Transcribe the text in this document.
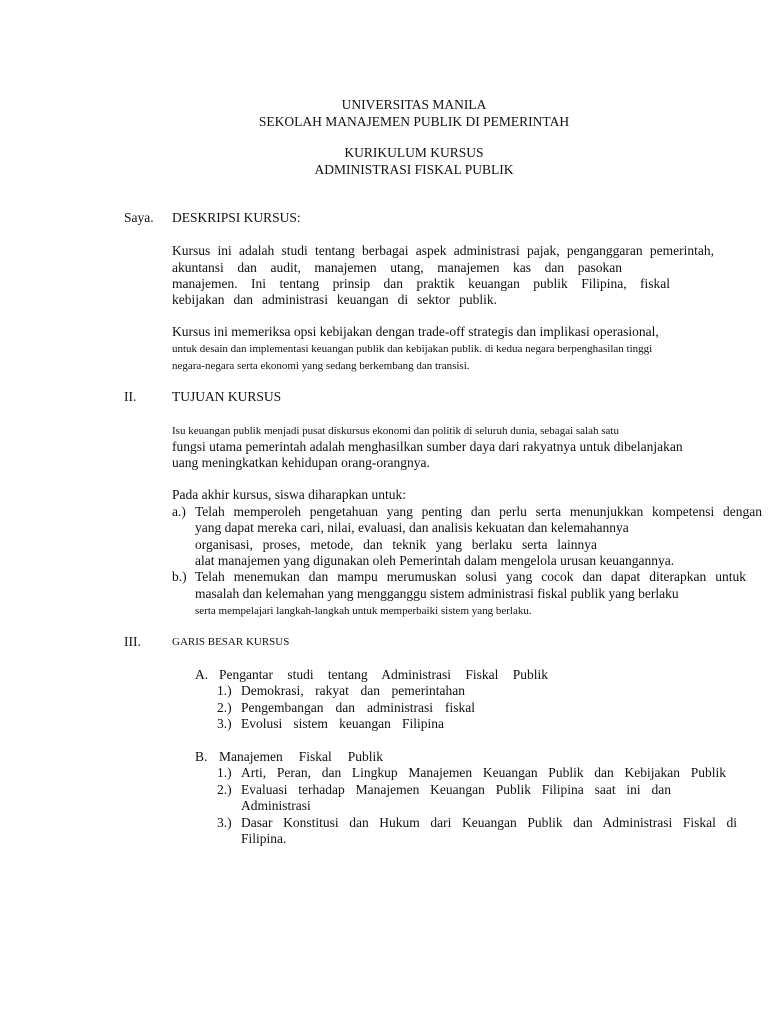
UNIVERSITAS MANILA
SEKOLAH MANAJEMEN PUBLIK DI PEMERINTAH
KURIKULUM KURSUS
ADMINISTRASI FISKAL PUBLIK
Saya. DESKRIPSI KURSUS:
Kursus ini adalah studi tentang berbagai aspek administrasi pajak, penganggaran pemerintah,
akuntansi dan audit, manajemen utang, manajemen kas dan pasokan
manajemen. Ini tentang prinsip dan praktik keuangan publik Filipina, fiskal
kebijakan dan administrasi keuangan di sektor publik.
Kursus ini memeriksa opsi kebijakan dengan trade-off strategis dan implikasi operasional,
untuk desain dan implementasi keuangan publik dan kebijakan publik. di kedua negara berpenghasilan tinggi
negara-negara serta ekonomi yang sedang berkembang dan transisi.
II.	TUJUAN KURSUS
Isu keuangan publik menjadi pusat diskursus ekonomi dan politik di seluruh dunia, sebagai salah satu
fungsi utama pemerintah adalah menghasilkan sumber daya dari rakyatnya untuk dibelanjakan
uang meningkatkan kehidupan orang-orangnya.
Pada akhir kursus, siswa diharapkan untuk:
a.) Telah memperoleh pengetahuan yang penting dan perlu serta menunjukkan kompetensi dengan
yang dapat mereka cari, nilai, evaluasi, dan analisis kekuatan dan kelemahannya
organisasi, proses, metode, dan teknik yang berlaku serta lainnya
alat manajemen yang digunakan oleh Pemerintah dalam mengelola urusan keuangannya.
b.) Telah menemukan dan mampu merumuskan solusi yang cocok dan dapat diterapkan untuk
masalah dan kelemahan yang mengganggu sistem administrasi fiskal publik yang berlaku
serta mempelajari langkah-langkah untuk memperbaiki sistem yang berlaku.
III.	GARIS BESAR KURSUS
A. Pengantar studi tentang Administrasi Fiskal Publik
1.) Demokrasi, rakyat dan pemerintahan
2.) Pengembangan dan administrasi fiskal
3.) Evolusi sistem keuangan Filipina
B. Manajemen Fiskal Publik
1.) Arti, Peran, dan Lingkup Manajemen Keuangan Publik dan Kebijakan Publik
2.) Evaluasi terhadap Manajemen Keuangan Publik Filipina saat ini dan
Administrasi
3.) Dasar Konstitusi dan Hukum dari Keuangan Publik dan Administrasi Fiskal di
Filipina.
